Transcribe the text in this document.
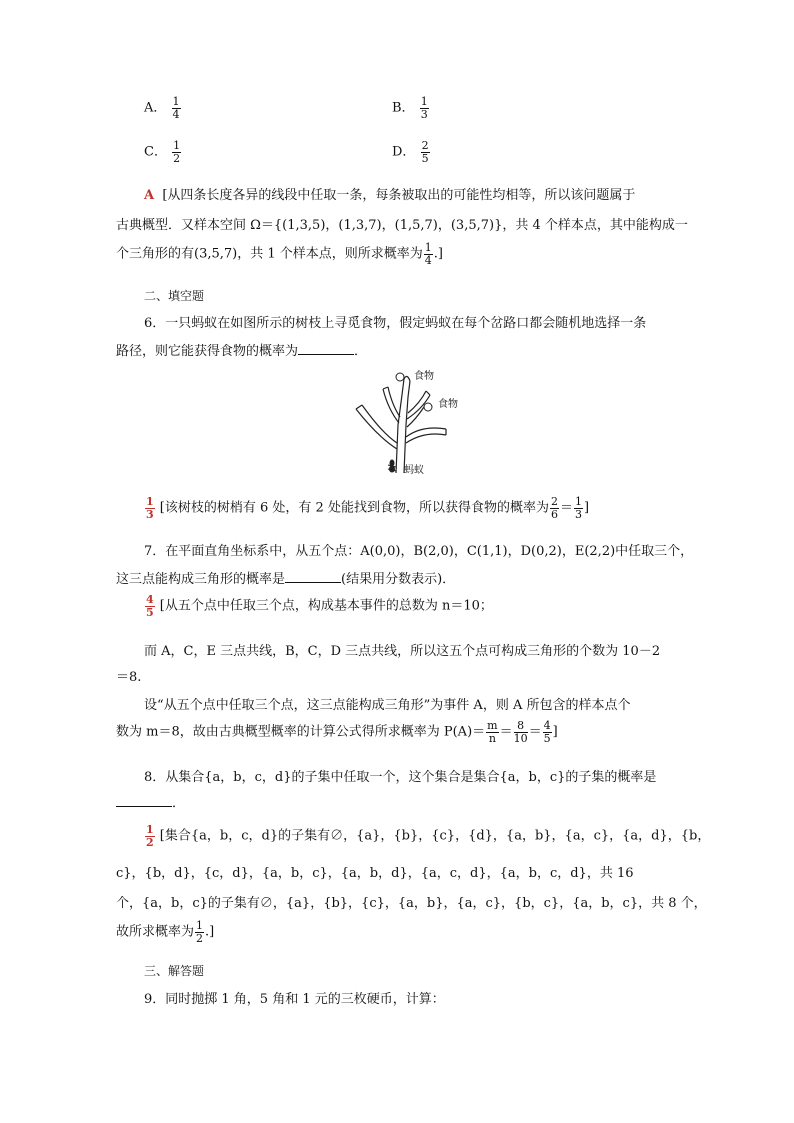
A． $\frac{1}{4}$	B． $\frac{1}{3}$
C． $\frac{1}{2}$	D． $\frac{2}{5}$
A [从四条长度各异的线段中任取一条，每条被取出的可能性均相等，所以该问题属于
古典概型．又样本空间 Ω＝{(1,3,5)，(1,3,7)，(1,5,7)，(3,5,7)}，共 4 个样本点，其中能构成一
个三角形的有(3,5,7)，共 1 个样本点，则所求概率为 $\frac{1}{4}$ .]
二、填空题
6．一只蚂蚁在如图所示的树枝上寻觅食物，假定蚂蚁在每个岔路口都会随机地选择一条
路径，则它能获得食物的概率为	．
食物
食物
蚂蚁
$\frac{1}{3}$ [该树枝的树梢有 6 处，有 2 处能找到食物，所以获得食物的概率为 $\frac{2}{6} = \frac{1}{3}$ ]
7．在平面直角坐标系中，从五个点：A(0,0)，B(2,0)，C(1,1)，D(0,2)，E(2,2)中任取三个，
这三点能构成三角形的概率是	(结果用分数表示)．
$\frac{4}{5}$ [从五个点中任取三个点，构成基本事件的总数为 n＝10；
而 A，C，E 三点共线，B，C，D 三点共线，所以这五个点可构成三角形的个数为 10－2
＝8.
设“从五个点中任取三个点，这三点能构成三角形”为事件 A，则 A 所包含的样本点个
数为 m＝8，故由古典概型概率的计算公式得所求概率为 $P(A)= \frac{m}{n} = \frac{8}{10} = \frac{4}{5}$ ]
8．从集合{a，b，c，d}的子集中任取一个，这个集合是集合{a，b，c}的子集的概率是
．
$\frac{1}{2}$ [集合{a，b，c，d}的子集有∅，{a}，{b}，{c}，{d}，{a，b}，{a，c}，{a，d}，{b，
c}，{b，d}，{c，d}，{a，b，c}，{a，b，d}，{a，c，d}，{a，b，c，d}，共 16
个，{a，b，c}的子集有∅，{a}，{b}，{c}，{a，b}，{a，c}，{b，c}，{a，b，c}，共 8 个，
故所求概率为 $\frac{1}{2}$ .]
三、解答题
9．同时抛掷 1 角，5 角和 1 元的三枚硬币，计算：
